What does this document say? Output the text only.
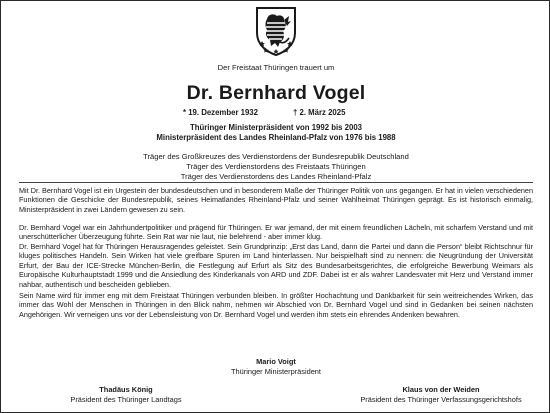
Der Freistaat Thüringen trauert um
Dr. Bernhard Vogel
* 19. Dezember 1932	† 2. März 2025
Thüringer Ministerpräsident von 1992 bis 2003
Ministerpräsident des Landes Rheinland-Pfalz von 1976 bis 1988
Träger des Großkreuzes des Verdienstordens der Bundesrepublik Deutschland
Träger des Verdienstordens des Freistaats Thüringen
Träger des Verdienstordens des Landes Rheinland-Pfalz

Mit Dr. Bernhard Vogel ist ein Urgestein der bundesdeutschen und in besonderem Maße der Thüringer Politik von uns gegangen. Er hat in vielen verschiedenen Funktionen die Geschicke der Bundesrepublik, seines Heimatlandes Rheinland-Pfalz und seiner Wahlheimat Thüringen geprägt. Es ist historisch einmalig, Ministerpräsident in zwei Ländern gewesen zu sein.

Dr. Bernhard Vogel war ein Jahrhundertpolitiker und prägend für Thüringen. Er war jemand, der mit einem freundlichen Lächeln, mit scharfem Verstand und mit unerschütterlicher Überzeugung führte. Sein Rat war nie laut, nie belehrend - aber immer klug.

Dr. Bernhard Vogel hat für Thüringen Herausragendes geleistet. Sein Grundprinzip: „Erst das Land, dann die Partei und dann die Person“ bleibt Richtschnur für kluges politisches Handeln. Sein Wirken hat viele greifbare Spuren im Land hinterlassen. Nur beispielhaft sind zu nennen: die Neugründung der Universität Erfurt, der Bau der ICE-Strecke München-Berlin, die Festlegung auf Erfurt als Sitz des Bundesarbeitsgerichtes, die erfolgreiche Bewerbung Weimars als Europäische Kulturhauptstadt 1999 und die Ansiedlung des Kinderkanals von ARD und ZDF. Dabei ist er als wahrer Landesvater mit Herz und Verstand immer nahbar, authentisch und bescheiden geblieben.

Sein Name wird für immer eng mit dem Freistaat Thüringen verbunden bleiben. In größter Hochachtung und Dankbarkeit für sein weitreichendes Wirken, das immer das Wohl der Menschen in Thüringen in den Blick nahm, nehmen wir Abschied von Dr. Bernhard Vogel und sind in Gedanken bei seinen nächsten Angehörigen. Wir verneigen uns vor der Lebensleistung von Dr. Bernhard Vogel und werden ihm stets ein ehrendes Andenken bewahren.

Mario Voigt
Thüringer Ministerpräsident
Thadäus König
Präsident des Thüringer Landtags
Klaus von der Weiden
Präsident des Thüringer Verfassungsgerichtshofs
